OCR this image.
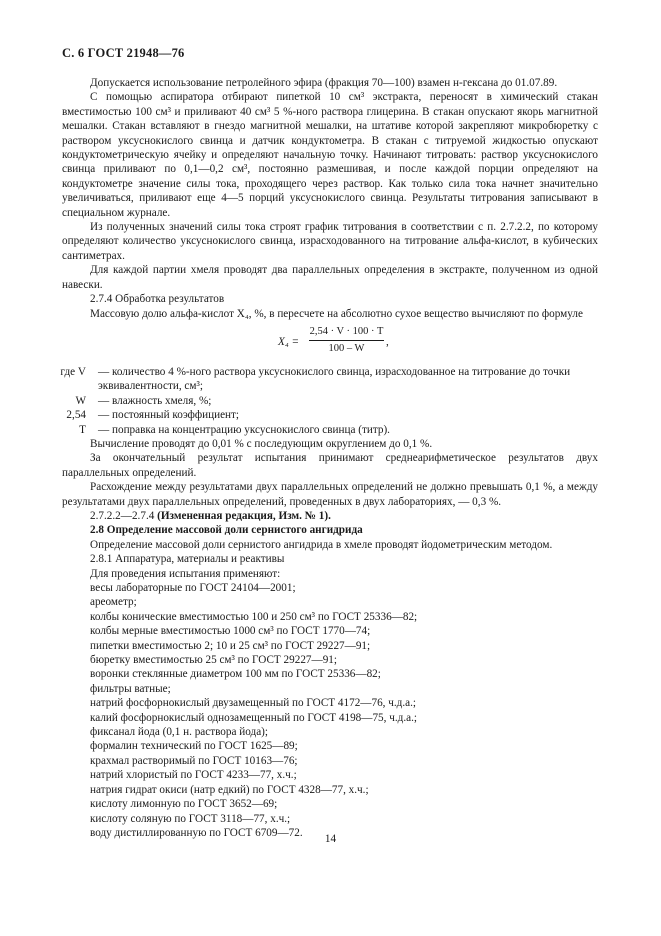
С. 6 ГОСТ 21948—76

Допускается использование петролейного эфира (фракция 70—100) взамен н-гексана до 01.07.89.

С помощью аспиратора отбирают пипеткой 10 см³ экстракта, переносят в химический стакан вместимостью 100 см³ и приливают 40 см³ 5 %-ного раствора глицерина. В стакан опускают якорь магнитной мешалки. Стакан вставляют в гнездо магнитной мешалки, на штативе которой закрепляют микробюретку с раствором уксуснокислого свинца и датчик кондуктометра. В стакан с титруемой жидкостью опускают кондуктометрическую ячейку и определяют начальную точку. Начинают титровать: раствор уксуснокислого свинца приливают по 0,1—0,2 см³, постоянно размешивая, и после каждой порции определяют на кондуктометре значение силы тока, проходящего через раствор. Как только сила тока начнет значительно увеличиваться, приливают еще 4—5 порций уксуснокислого свинца. Результаты титрования записывают в специальном журнале.

Из полученных значений силы тока строят график титрования в соответствии с п. 2.7.2.2, по которому определяют количество уксуснокислого свинца, израсходованного на титрование альфа-кислот, в кубических сантиметрах.

Для каждой партии хмеля проводят два параллельных определения в экстракте, полученном из одной навески.

2.7.4 Обработка результатов

Массовую долю альфа-кислот X₄, %, в пересчете на абсолютно сухое вещество вычисляют по формуле

$X_4 = \frac{2,54 \cdot V \cdot 100 \cdot T}{100 - W}$ ,
где V	— количество 4 %-ного раствора уксуснокислого свинца, израсходованное на титрование до точки эквивалентности, см³;
W	— влажность хмеля, %;
2,54	— постоянный коэффициент;
T	— поправка на концентрацию уксуснокислого свинца (титр).

Вычисление проводят до 0,01 % с последующим округлением до 0,1 %.

За окончательный результат испытания принимают среднеарифметическое результатов двух параллельных определений.

Расхождение между результатами двух параллельных определений не должно превышать 0,1 %, а между результатами двух параллельных определений, проведенных в двух лабораториях, — 0,3 %.

2.7.2.2—2.7.4 (Измененная редакция, Изм. № 1).

2.8 Определение массовой доли сернистого ангидрида

Определение массовой доли сернистого ангидрида в хмеле проводят йодометрическим методом.

2.8.1 Аппаратура, материалы и реактивы

Для проведения испытания применяют:

весы лабораторные по ГОСТ 24104—2001;

ареометр;

колбы конические вместимостью 100 и 250 см³ по ГОСТ 25336—82;

колбы мерные вместимостью 1000 см³ по ГОСТ 1770—74;

пипетки вместимостью 2; 10 и 25 см³ по ГОСТ 29227—91;

бюретку вместимостью 25 см³ по ГОСТ 29227—91;

воронки стеклянные диаметром 100 мм по ГОСТ 25336—82;

фильтры ватные;

натрий фосфорнокислый двузамещенный по ГОСТ 4172—76, ч.д.а.;

калий фосфорнокислый однозамещенный по ГОСТ 4198—75, ч.д.а.;

фиксанал йода (0,1 н. раствора йода);

формалин технический по ГОСТ 1625—89;

крахмал растворимый по ГОСТ 10163—76;

натрий хлористый по ГОСТ 4233—77, х.ч.;

натрия гидрат окиси (натр едкий) по ГОСТ 4328—77, х.ч.;

кислоту лимонную по ГОСТ 3652—69;

кислоту соляную по ГОСТ 3118—77, х.ч.;

воду дистиллированную по ГОСТ 6709—72.

14
